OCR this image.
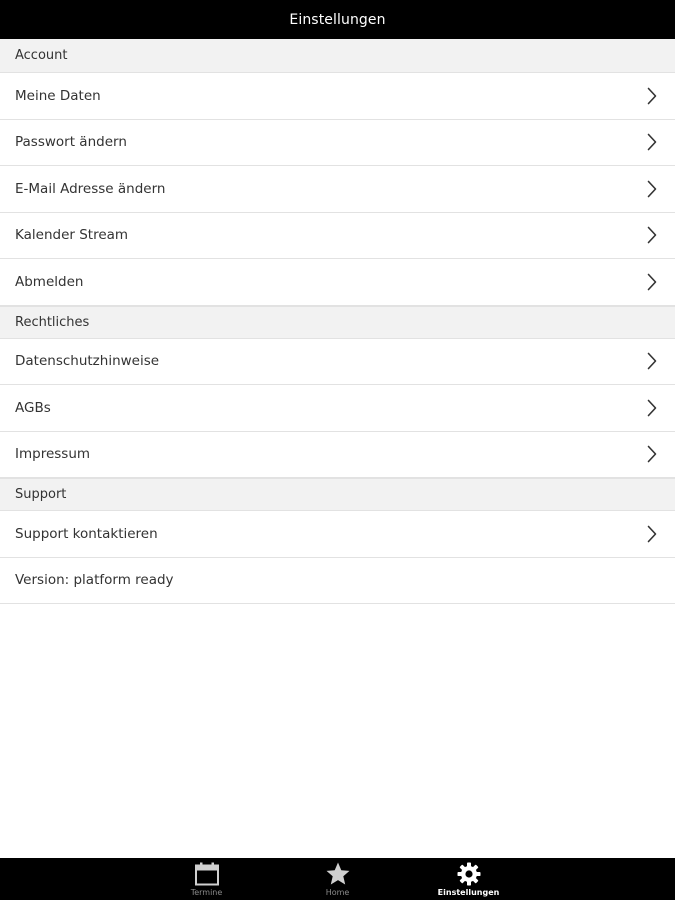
Einstellungen
Account
Meine Daten
Passwort ändern
E-Mail Adresse ändern
Kalender Stream
Abmelden
Rechtliches
Datenschutzhinweise
AGBs
Impressum
Support
Support kontaktieren
Version: platform ready
Termine	Home	Einstellungen
